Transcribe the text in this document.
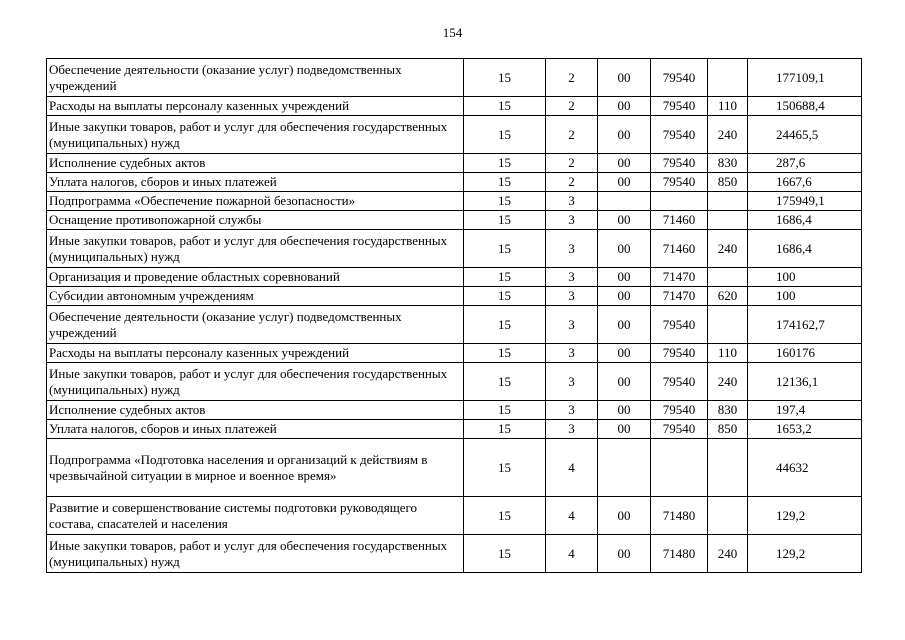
154
Обеспечение деятельности (оказание услуг) подведомственных учреждений	15	2	00	79540		177109,1
Расходы на выплаты персоналу казенных учреждений	15	2	00	79540	110	150688,4
Иные закупки товаров, работ и услуг для обеспечения государственных (муниципальных) нужд	15	2	00	79540	240	24465,5
Исполнение судебных актов	15	2	00	79540	830	287,6
Уплата налогов, сборов и иных платежей	15	2	00	79540	850	1667,6
Подпрограмма «Обеспечение пожарной безопасности»	15	3				175949,1
Оснащение противопожарной службы	15	3	00	71460		1686,4
Иные закупки товаров, работ и услуг для обеспечения государственных (муниципальных) нужд	15	3	00	71460	240	1686,4
Организация и проведение областных соревнований	15	3	00	71470		100
Субсидии автономным учреждениям	15	3	00	71470	620	100
Обеспечение деятельности (оказание услуг) подведомственных учреждений	15	3	00	79540		174162,7
Расходы на выплаты персоналу казенных учреждений	15	3	00	79540	110	160176
Иные закупки товаров, работ и услуг для обеспечения государственных (муниципальных) нужд	15	3	00	79540	240	12136,1
Исполнение судебных актов	15	3	00	79540	830	197,4
Уплата налогов, сборов и иных платежей	15	3	00	79540	850	1653,2
Подпрограмма «Подготовка населения и организаций к действиям в чрезвычайной ситуации в мирное и военное время»	15	4				44632
Развитие и совершенствование системы подготовки руководящего состава, спасателей и населения	15	4	00	71480		129,2
Иные закупки товаров, работ и услуг для обеспечения государственных (муниципальных) нужд	15	4	00	71480	240	129,2
